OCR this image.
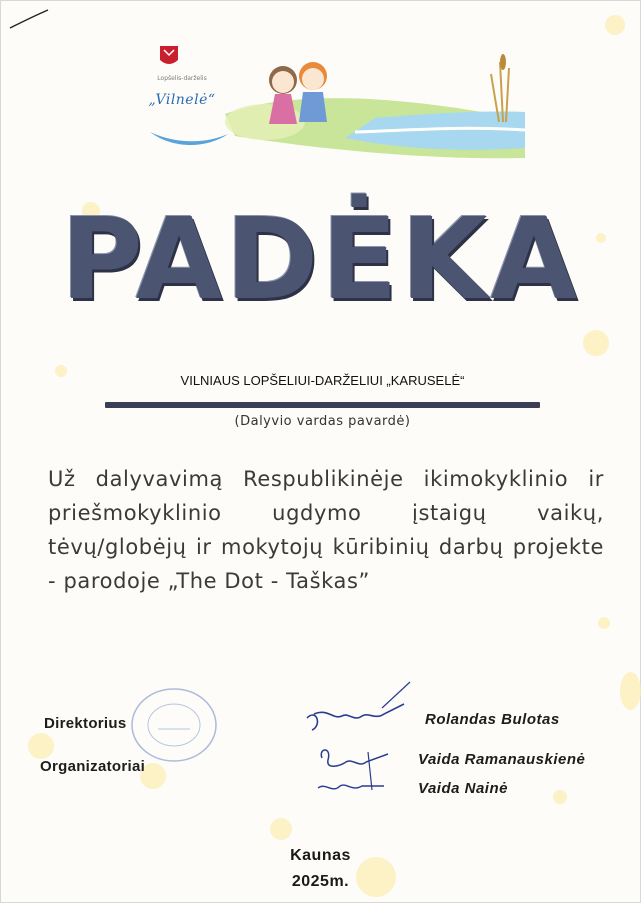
Lopšelis-darželis
„Vilnelė“
PADĖKA
VILNIAUS LOPŠELIUI-DARŽELIUI „KARUSELĖ“
(Dalyvio vardas pavardė)
Už dalyvavimą Respublikinėje ikimokyklinio ir priešmokyklinio ugdymo įstaigų vaikų, tėvų/globėjų ir mokytojų kūribinių darbų projekte - parodoje „The Dot - Taškas”
Direktorius	Rolandas Bulotas
Organizatoriai	Vaida Ramanauskienė
Vaida Nainė
Kaunas
2025m.
